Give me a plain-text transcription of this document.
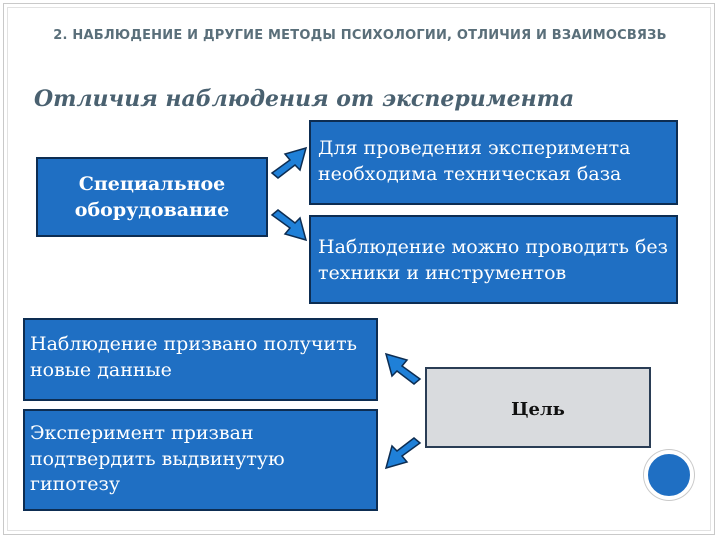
2. НАБЛЮДЕНИЕ И ДРУГИЕ МЕТОДЫ ПСИХОЛОГИИ, ОТЛИЧИЯ И ВЗАИМОСВЯЗЬ
Отличия наблюдения от эксперимента
Специальное оборудование
Для проведения эксперимента необходима техническая база
Наблюдение можно проводить без техники и инструментов
Наблюдение призвано получить новые данные
Эксперимент призван подтвердить выдвинутую гипотезу
Цель
